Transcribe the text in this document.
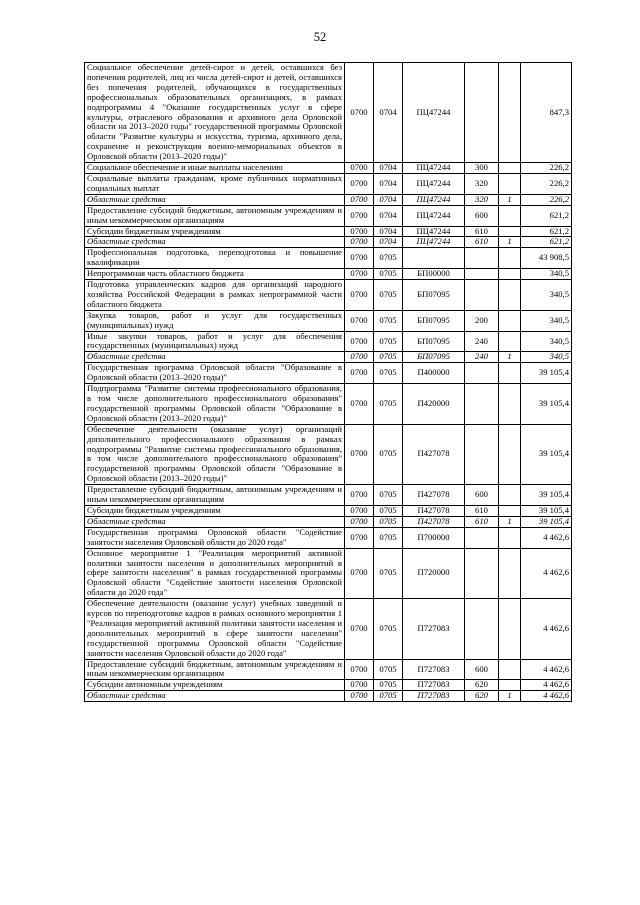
52
Социальное обеспечение детей-сирот и детей, оставшихся без попечения родителей, лиц из числа детей-сирот и детей, оставшихся без попечения родителей, обучающихся в государственных профессиональных образовательных организациях, в рамках подпрограммы 4 "Оказание государственных услуг в сфере культуры, отраслевого образования и архивного дела Орловской области на 2013–2020 годы" государственной программы Орловской области "Развитие культуры и искусства, туризма, архивного дела, сохранение и реконструкция военно-мемориальных объектов в Орловской области (2013–2020 годы)"	0700	0704	ПЦ47244			847,3
Социальное обеспечение и иные выплаты населению	0700	0704	ПЦ47244	300		226,2
Социальные выплаты гражданам, кроме публичных нормативных социальных выплат	0700	0704	ПЦ47244	320		226,2
Областные средства	0700	0704	ПЦ47244	320	1	226,2
Предоставление субсидий бюджетным, автономным учреждениям и иным некоммерческим организациям	0700	0704	ПЦ47244	600		621,2
Субсидии бюджетным учреждениям	0700	0704	ПЦ47244	610		621,2
Областные средства	0700	0704	ПЦ47244	610	1	621,2
Профессиональная подготовка, переподготовка и повышение квалификации	0700	0705				43 908,5
Непрограммная часть областного бюджета	0700	0705	БП00000			340,5
Подготовка управленческих кадров для организаций народного хозяйства Российской Федерации в рамках непрограммной части областного бюджета	0700	0705	БП07095			340,5
Закупка товаров, работ и услуг для государственных (муниципальных) нужд	0700	0705	БП07095	200		340,5
Иные закупки товаров, работ и услуг для обеспечения государственных (муниципальных) нужд	0700	0705	БП07095	240		340,5
Областные средства	0700	0705	БП07095	240	1	340,5
Государственная программа Орловской области "Образование в Орловской области (2013–2020 годы)"	0700	0705	П400000			39 105,4
Подпрограмма "Развитие системы профессионального образования, в том числе дополнительного профессионального образования" государственной программы Орловской области "Образование в Орловской области (2013–2020 годы)"	0700	0705	П420000			39 105,4
Обеспечение деятельности (оказание услуг) организаций дополнительного профессионального образования в рамках подпрограммы "Развитие системы профессионального образования, в том числе дополнительного профессионального образования" государственной программы Орловской области "Образование в Орловской области (2013–2020 годы)"	0700	0705	П427078			39 105,4
Предоставление субсидий бюджетным, автономным учреждениям и иным некоммерческим организациям	0700	0705	П427078	600		39 105,4
Субсидии бюджетным учреждениям	0700	0705	П427078	610		39 105,4
Областные средства	0700	0705	П427078	610	1	39 105,4
Государственная программа Орловской области "Содействие занятости населения Орловской области до 2020 года"	0700	0705	П700000			4 462,6
Основное мероприятие 1 "Реализация мероприятий активной политики занятости населения и дополнительных мероприятий в сфере занятости населения" в рамках государственной программы Орловской области "Содействие занятости населения Орловской области до 2020 года"	0700	0705	П720000			4 462,6
Обеспечение деятельности (оказание услуг) учебных заведений и курсов по переподготовке кадров в рамках основного мероприятия 1 "Реализация мероприятий активной политики занятости населения и дополнительных мероприятий в сфере занятости населения" государственной программы Орловской области "Содействие занятости населения Орловской области до 2020 года"	0700	0705	П727083			4 462,6
Предоставление субсидий бюджетным, автономным учреждениям и иным некоммерческим организациям	0700	0705	П727083	600		4 462,6
Субсидии автономным учреждениям	0700	0705	П727083	620		4 462,6
Областные средства	0700	0705	П727083	620	1	4 462,6
